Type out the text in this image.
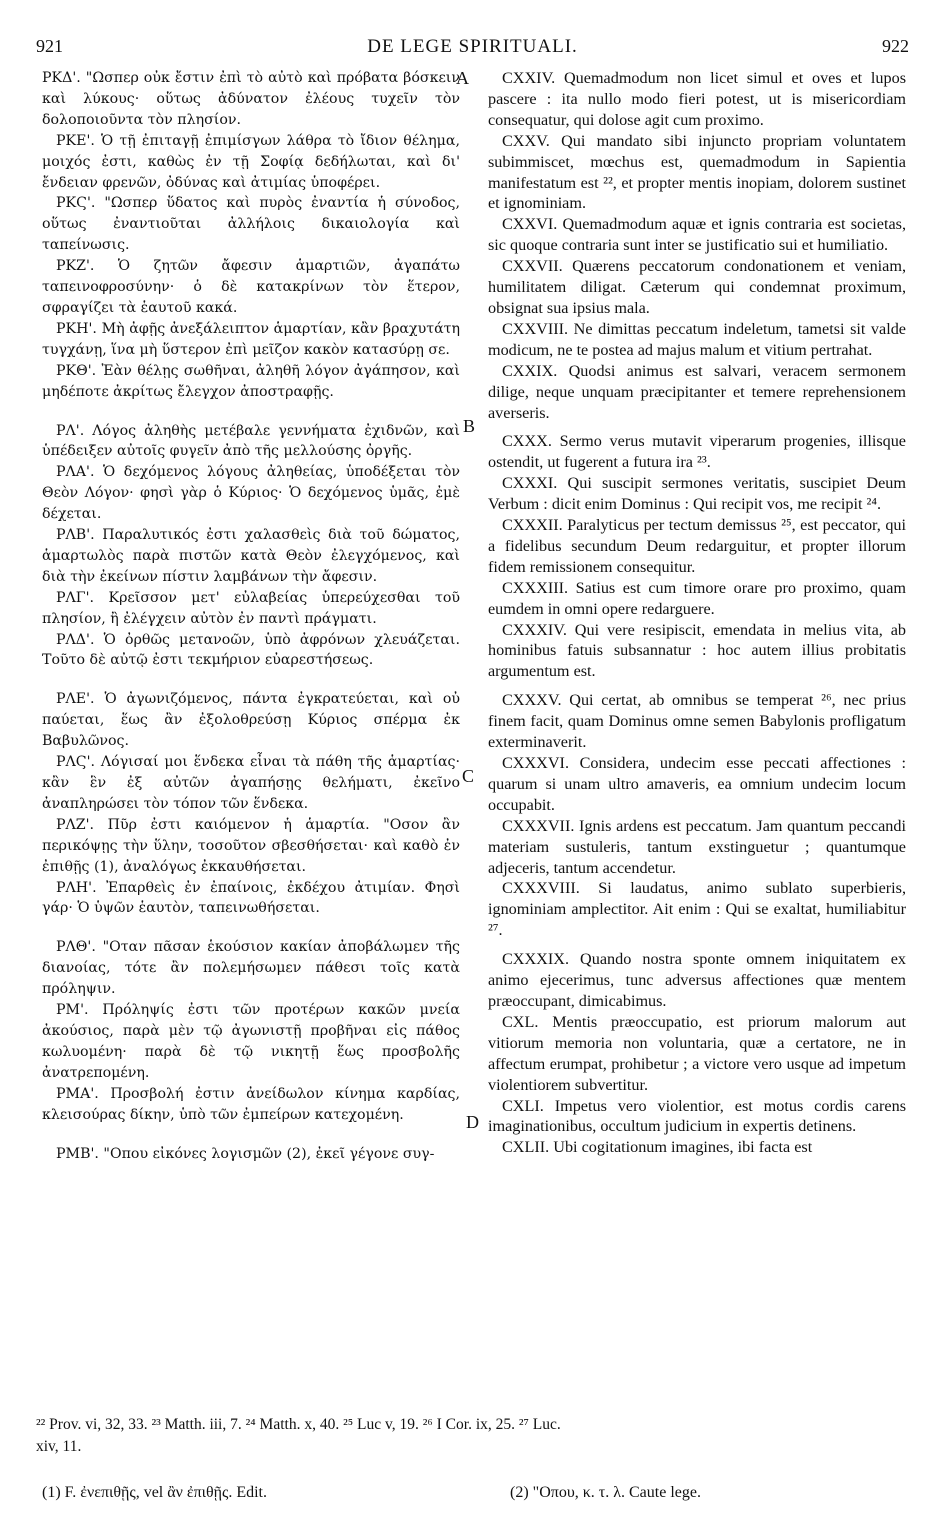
921	DE LEGE SPIRITUALI.	922
A
B
C
D

ΡΚΔ'. "Ωσπερ οὐκ ἔστιν ἐπὶ τὸ αὐτὸ καὶ πρόβατα βόσκειν καὶ λύκους· οὕτως ἀδύνατον ἐλέους τυχεῖν τὸν δολοποιοῦντα τὸν πλησίον.

ΡΚΕ'. Ὁ τῇ ἐπιταγῇ ἐπιμίσγων λάθρα τὸ ἴδιον θέλημα, μοιχός ἐστι, καθὼς ἐν τῇ Σοφίᾳ δεδήλωται, καὶ δι' ἔνδειαν φρενῶν, ὀδύνας καὶ ἀτιμίας ὑποφέρει.

ΡΚϚ'. "Ωσπερ ὕδατος καὶ πυρὸς ἐναντία ἡ σύνοδος, οὕτως ἐναντιοῦται ἀλλήλοις δικαιολογία καὶ ταπείνωσις.

ΡΚΖ'. Ὁ ζητῶν ἄφεσιν ἁμαρτιῶν, ἀγαπάτω ταπεινοφροσύνην· ὁ δὲ κατακρίνων τὸν ἕτερον, σφραγίζει τὰ ἑαυτοῦ κακά.

ΡΚΗ'. Μὴ ἀφῇς ἀνεξάλειπτον ἁμαρτίαν, κἂν βραχυτάτη τυγχάνῃ, ἵνα μὴ ὕστερον ἐπὶ μεῖζον κακὸν κατασύρῃ σε.

ΡΚΘ'. Ἐὰν θέλῃς σωθῆναι, ἀληθῆ λόγον ἀγάπησον, καὶ μηδέποτε ἀκρίτως ἔλεγχον ἀποστραφῇς.

ΡΛ'. Λόγος ἀληθὴς μετέβαλε γεννήματα ἐχιδνῶν, καὶ ὑπέδειξεν αὐτοῖς φυγεῖν ἀπὸ τῆς μελλούσης ὀργῆς.

ΡΛΑ'. Ὁ δεχόμενος λόγους ἀληθείας, ὑποδέξεται τὸν Θεὸν Λόγον· φησὶ γὰρ ὁ Κύριος· Ὁ δεχόμενος ὑμᾶς, ἐμὲ δέχεται.

ΡΛΒ'. Παραλυτικός ἐστι χαλασθεὶς διὰ τοῦ δώματος, ἁμαρτωλὸς παρὰ πιστῶν κατὰ Θεὸν ἐλεγχόμενος, καὶ διὰ τὴν ἐκείνων πίστιν λαμβάνων τὴν ἄφεσιν.

ΡΛΓ'. Κρεῖσσον μετ' εὐλαβείας ὑπερεύχεσθαι τοῦ πλησίον, ἢ ἐλέγχειν αὐτὸν ἐν παντὶ πράγματι.

ΡΛΔ'. Ὁ ὀρθῶς μετανοῶν, ὑπὸ ἀφρόνων χλευάζεται. Τοῦτο δὲ αὐτῷ ἐστι τεκμήριον εὐαρεστήσεως.

ΡΛΕ'. Ὁ ἀγωνιζόμενος, πάντα ἐγκρατεύεται, καὶ οὐ παύεται, ἕως ἂν ἐξολοθρεύσῃ Κύριος σπέρμα ἐκ Βαβυλῶνος.

ΡΛϚ'. Λόγισαί μοι ἕνδεκα εἶναι τὰ πάθη τῆς ἁμαρτίας· κἂν ἓν ἐξ αὐτῶν ἀγαπήσῃς θελήματι, ἐκεῖνο ἀναπληρώσει τὸν τόπον τῶν ἕνδεκα.

ΡΛΖ'. Πῦρ ἐστι καιόμενον ἡ ἁμαρτία. "Οσον ἂν περικόψῃς τὴν ὕλην, τοσοῦτον σβεσθήσεται· καὶ καθὸ ἐν ἐπιθῇς (1), ἀναλόγως ἐκκαυθήσεται.

ΡΛΗ'. Ἐπαρθεὶς ἐν ἐπαίνοις, ἐκδέχου ἀτιμίαν. Φησὶ γάρ· Ὁ ὑψῶν ἑαυτὸν, ταπεινωθήσεται.

ΡΛΘ'. "Οταν πᾶσαν ἑκούσιον κακίαν ἀποβάλωμεν τῆς διανοίας, τότε ἂν πολεμήσωμεν πάθεσι τοῖς κατὰ πρόληψιν.

ΡΜ'. Πρόληψίς ἐστι τῶν προτέρων κακῶν μνεία ἀκούσιος, παρὰ μὲν τῷ ἀγωνιστῇ προβῆναι εἰς πάθος κωλυομένη· παρὰ δὲ τῷ νικητῇ ἕως προσβολῆς ἀνατρεπομένη.

ΡΜΑ'. Προσβολή ἐστιν ἀνείδωλον κίνημα καρδίας, κλεισούρας δίκην, ὑπὸ τῶν ἐμπείρων κατεχομένη.

ΡΜΒ'. "Οπου εἰκόνες λογισμῶν (2), ἐκεῖ γέγονε συγ-

CXXIV. Quemadmodum non licet simul et oves et lupos pascere : ita nullo modo fieri potest, ut is misericordiam consequatur, qui dolose agit cum proximo.

CXXV. Qui mandato sibi injuncto propriam voluntatem subimmiscet, mœchus est, quemadmodum in Sapientia manifestatum est ²², et propter mentis inopiam, dolorem sustinet et ignominiam.

CXXVI. Quemadmodum aquæ et ignis contraria est societas, sic quoque contraria sunt inter se justificatio sui et humiliatio.

CXXVII. Quærens peccatorum condonationem et veniam, humilitatem diligat. Cæterum qui condemnat proximum, obsignat sua ipsius mala.

CXXVIII. Ne dimittas peccatum indeletum, tametsi sit valde modicum, ne te postea ad majus malum et vitium pertrahat.

CXXIX. Quodsi animus est salvari, veracem sermonem dilige, neque unquam præcipitanter et temere reprehensionem averseris.

CXXX. Sermo verus mutavit viperarum progenies, illisque ostendit, ut fugerent a futura ira ²³.

CXXXI. Qui suscipit sermones veritatis, suscipiet Deum Verbum : dicit enim Dominus : Qui recipit vos, me recipit ²⁴.

CXXXII. Paralyticus per tectum demissus ²⁵, est peccator, qui a fidelibus secundum Deum redarguitur, et propter illorum fidem remissionem consequitur.

CXXXIII. Satius est cum timore orare pro proximo, quam eumdem in omni opere redarguere.

CXXXIV. Qui vere resipiscit, emendata in melius vita, ab hominibus fatuis subsannatur : hoc autem illius probitatis argumentum est.

CXXXV. Qui certat, ab omnibus se temperat ²⁶, nec prius finem facit, quam Dominus omne semen Babylonis profligatum exterminaverit.

CXXXVI. Considera, undecim esse peccati affectiones : quarum si unam ultro amaveris, ea omnium undecim locum occupabit.

CXXXVII. Ignis ardens est peccatum. Jam quantum peccandi materiam sustuleris, tantum exstinguetur ; quantumque adjeceris, tantum accendetur.

CXXXVIII. Si laudatus, animo sublato superbieris, ignominiam amplectitor. Ait enim : Qui se exaltat, humiliabitur ²⁷.

CXXXIX. Quando nostra sponte omnem iniquitatem ex animo ejecerimus, tunc adversus affectiones quæ mentem præoccupant, dimicabimus.

CXL. Mentis præoccupatio, est priorum malorum aut vitiorum memoria non voluntaria, quæ a certatore, ne in affectum erumpat, prohibetur ; a victore vero usque ad impetum violentiorem subvertitur.

CXLI. Impetus vero violentior, est motus cordis carens imaginationibus, occultum judicium in expertis detinens.

CXLII. Ubi cogitationum imagines, ibi facta est

²² Prov. vi, 32, 33. ²³ Matth. iii, 7. ²⁴ Matth. x, 40. ²⁵ Luc v, 19. ²⁶ I Cor. ix, 25. ²⁷ Luc.
xiv, 11.
(1) F. ἐνεπιθῇς, vel ἂν ἐπιθῇς. Edit.	(2) "Οπου, κ. τ. λ. Caute lege.
